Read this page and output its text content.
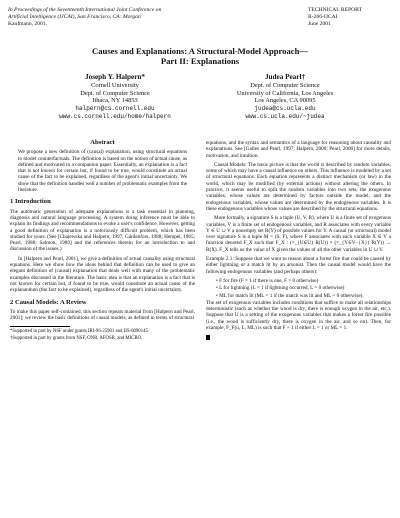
In Proceedings of the Seventeenth International Joint Conference on
Artificial Intelligence (IJCAI), San Francisco, CA: Morgan
Kaufmann, 2001.
TECHNICAL REPORT
R-266-IJCAI
June 2001
Causes and Explanations: A Structural-Model Approach—
Part II: Explanations
Joseph Y. Halpern*
Cornell University
Dept. of Computer Science
Ithaca, NY 14853
halpern@cs.cornell.edu
www.cs.cornell.edu/home/halpern
Judea Pearl†
Dept. of Computer Science
University of California, Los Angeles
Los Angeles, CA 90095
judea@cs.ucla.edu
www.cs.ucla.edu/~judea
Abstract

We propose a new definition of (causal) explanation, using structural equations to model counterfactuals. The definition is based on the notion of actual cause, as defined and motivated in a companion paper. Essentially, an explanation is a fact that is not known for certain but, if found to be true, would constitute an actual cause of the fact to be explained, regardless of the agent's initial uncertainty. We show that the definition handles well a number of problematic examples from the literature.

1 Introduction

The automatic generation of adequate explanations is a task essential in planning, diagnosis and natural language processing. A system doing inference must be able to explain its findings and recommendations to evoke a user's confidence. However, getting a good definition of explanation is a notoriously difficult problem, which has been studied for years. (See [Chajewska and Halpern, 1997; Gärdenfors, 1988; Hempel, 1965; Pearl, 1988; Salmon, 1989] and the references therein for an introduction to and discussion of the issues.)

In [Halpern and Pearl, 2001], we give a definition of actual causality using structural equations. Here we show how the ideas behind that definition can be used to give an elegant definition of (causal) explanation that deals well with many of the problematic examples discussed in the literature. The basic idea is that an explanation is a fact that is not known for certain but, if found to be true, would constitute an actual cause of the explanandum (the fact to be explained), regardless of the agent's initial uncertainty.

2 Causal Models: A Review

To make this paper self-contained, this section repeats material from [Halpern and Pearl, 2001]; we review the basic definitions of causal models, as defined in terms of structural

*Supported in part by NSF under grants IRI-96-25901 and IIS-0090145.
†Supported in part by grants from NSF, ONR, AFOSR, and MICRO.

equations, and the syntax and semantics of a language for reasoning about causality and explanations. See [Galles and Pearl, 1997; Halpern, 2000; Pearl, 2000] for more details, motivation, and intuition.

Causal Models: The basic picture is that the world is described by random variables, some of which may have a causal influence on others. This influence is modeled by a set of structural equations. Each equation represents a distinct mechanism (or law) in the world, which may be modified (by external actions) without altering the others. In practice, it seems useful to split the random variables into two sets, the exogenous variables, whose values are determined by factors outside the model, and the endogenous variables, whose values are determined by the endogenous variables. It is these endogenous variables whose values are described by the structural equations.

More formally, a signature S is a tuple (U, V, R), where U is a finite set of exogenous variables, V is a finite set of endogenous variables, and R associates with every variable Y ∈ U ∪ V a nonempty set R(Y) of possible values for Y. A causal (or structural) model over signature S is a tuple M = (S, F), where F associates with each variable X ∈ V a function denoted F_X such that F_X : (×_{U∈U} R(U)) × (×_{Y∈V−{X}} R(Y)) → R(X). F_X tells us the value of X given the values of all the other variables in U ∪ V.

Example 2.1: Suppose that we want to reason about a forest fire that could be caused by either lightning or a match lit by an arsonist. Then the causal model would have the following endogenous variables (and perhaps others):

• F for fire (F = 1 if there is one, F = 0 otherwise)
• L for lightning (L = 1 if lightning occurred, L = 0 otherwise)
• ML for match lit (ML = 1 if the match was lit and ML = 0 otherwise).

The set of exogenous variables includes conditions that suffice to make all relationships deterministic (such as whether the wood is dry, there is enough oxygen in the air, etc.). Suppose that U is a setting of the exogenous variables that makes a forest fire possible (i.e., the wood is sufficiently dry, there is oxygen in the air, and so on). Then, for example, F_F(u, L, ML) is such that F = 1 if either L = 1 or ML = 1.
